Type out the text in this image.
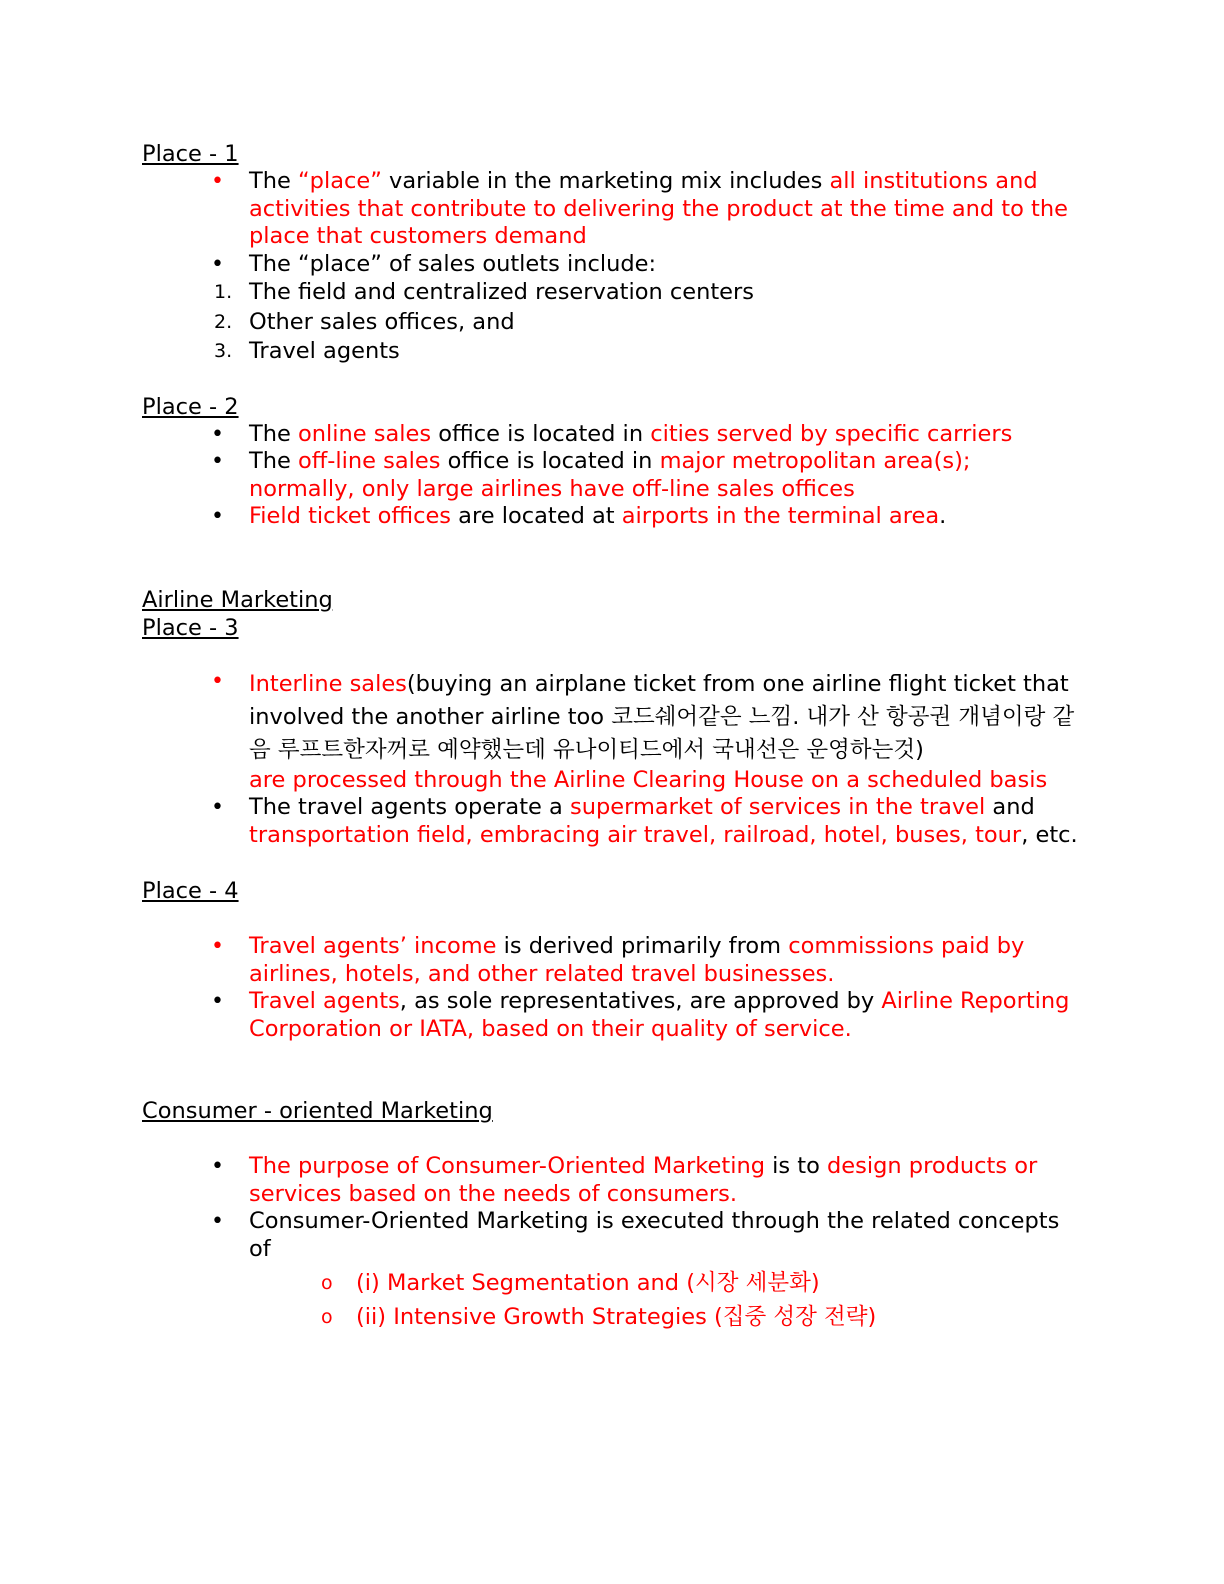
Place - 1
• The “place” variable in the marketing mix includes all institutions and activities that contribute to delivering the product at the time and to the place that customers demand
• The “place” of sales outlets include:
1. The field and centralized reservation centers
2. Other sales offices, and
3. Travel agents
Place - 2
• The online sales office is located in cities served by specific carriers
• The off-line sales office is located in major metropolitan area(s); normally, only large airlines have off-line sales offices
• Field ticket offices are located at airports in the terminal area.
Airline Marketing
Place - 3
• Interline sales(buying an airplane ticket from one airline flight ticket that involved the another airline too 코드쉐어같은 느낌. 내가 산 항공권 개념이랑 같음 루프트한자꺼로 예약했는데 유나이티드에서 국내선은 운영하는것)
are processed through the Airline Clearing House on a scheduled basis
• The travel agents operate a supermarket of services in the travel and transportation field, embracing air travel, railroad, hotel, buses, tour, etc.
Place - 4
• Travel agents’ income is derived primarily from commissions paid by airlines, hotels, and other related travel businesses.
• Travel agents, as sole representatives, are approved by Airline Reporting Corporation or IATA, based on their quality of service.
Consumer - oriented Marketing
• The purpose of Consumer-Oriented Marketing is to design products or services based on the needs of consumers.
• Consumer-Oriented Marketing is executed through the related concepts of
o (i) Market Segmentation and (시장 세분화)
o (ii) Intensive Growth Strategies (집중 성장 전략)
